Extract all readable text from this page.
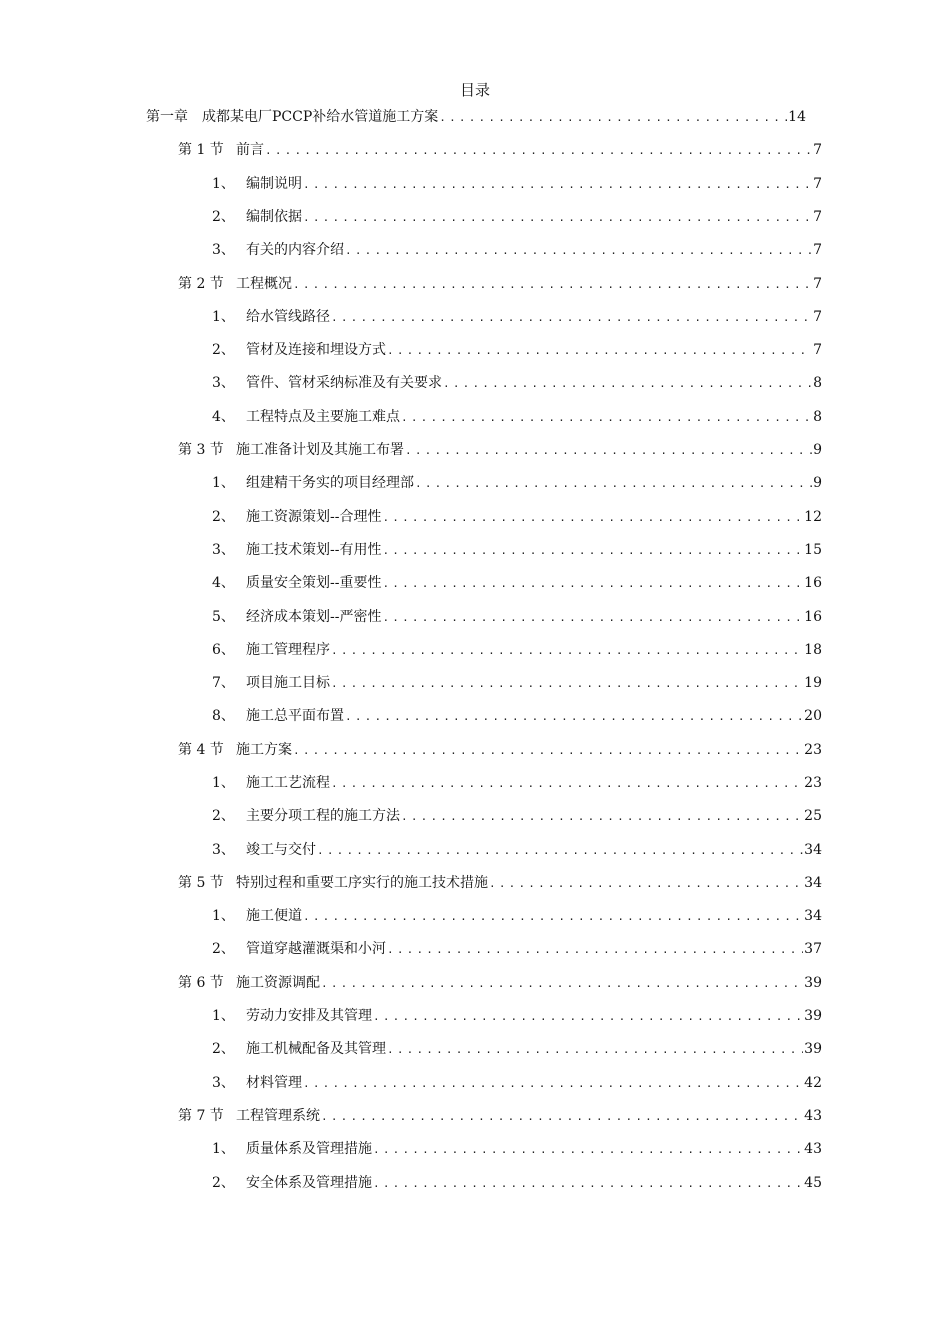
目录
第一章	成都某电厂PCCP补给水管道施工方案 .....	14
第 1 节 前言 .....	7
1、 编制说明 .....	7
2、 编制依据 .....	7
3、 有关的内容介绍 .....	7
第 2 节 工程概况 .....	7
1、 给水管线路径 .....	7
2、 管材及连接和埋设方式 .....	7
3、 管件、管材采纳标准及有关要求 .....	8
4、 工程特点及主要施工难点 .....	8
第 3 节 施工准备计划及其施工布署 .....	9
1、 组建精干务实的项目经理部 .....	9
2、 施工资源策划--合理性 .....	12
3、 施工技术策划--有用性 .....	15
4、 质量安全策划--重要性 .....	16
5、 经济成本策划--严密性 .....	16
6、 施工管理程序 .....	18
7、 项目施工目标 .....	19
8、 施工总平面布置 .....	20
第 4 节 施工方案 .....	23
1、 施工工艺流程 .....	23
2、 主要分项工程的施工方法 .....	25
3、 竣工与交付 .....	34
第 5 节 特别过程和重要工序实行的施工技术措施 .....	34
1、 施工便道 .....	34
2、 管道穿越灌溉渠和小河 .....	37
第 6 节 施工资源调配 .....	39
1、 劳动力安排及其管理 .....	39
2、 施工机械配备及其管理 .....	39
3、 材料管理 .....	42
第 7 节 工程管理系统 .....	43
1、 质量体系及管理措施 .....	43
2、 安全体系及管理措施 .....	45
